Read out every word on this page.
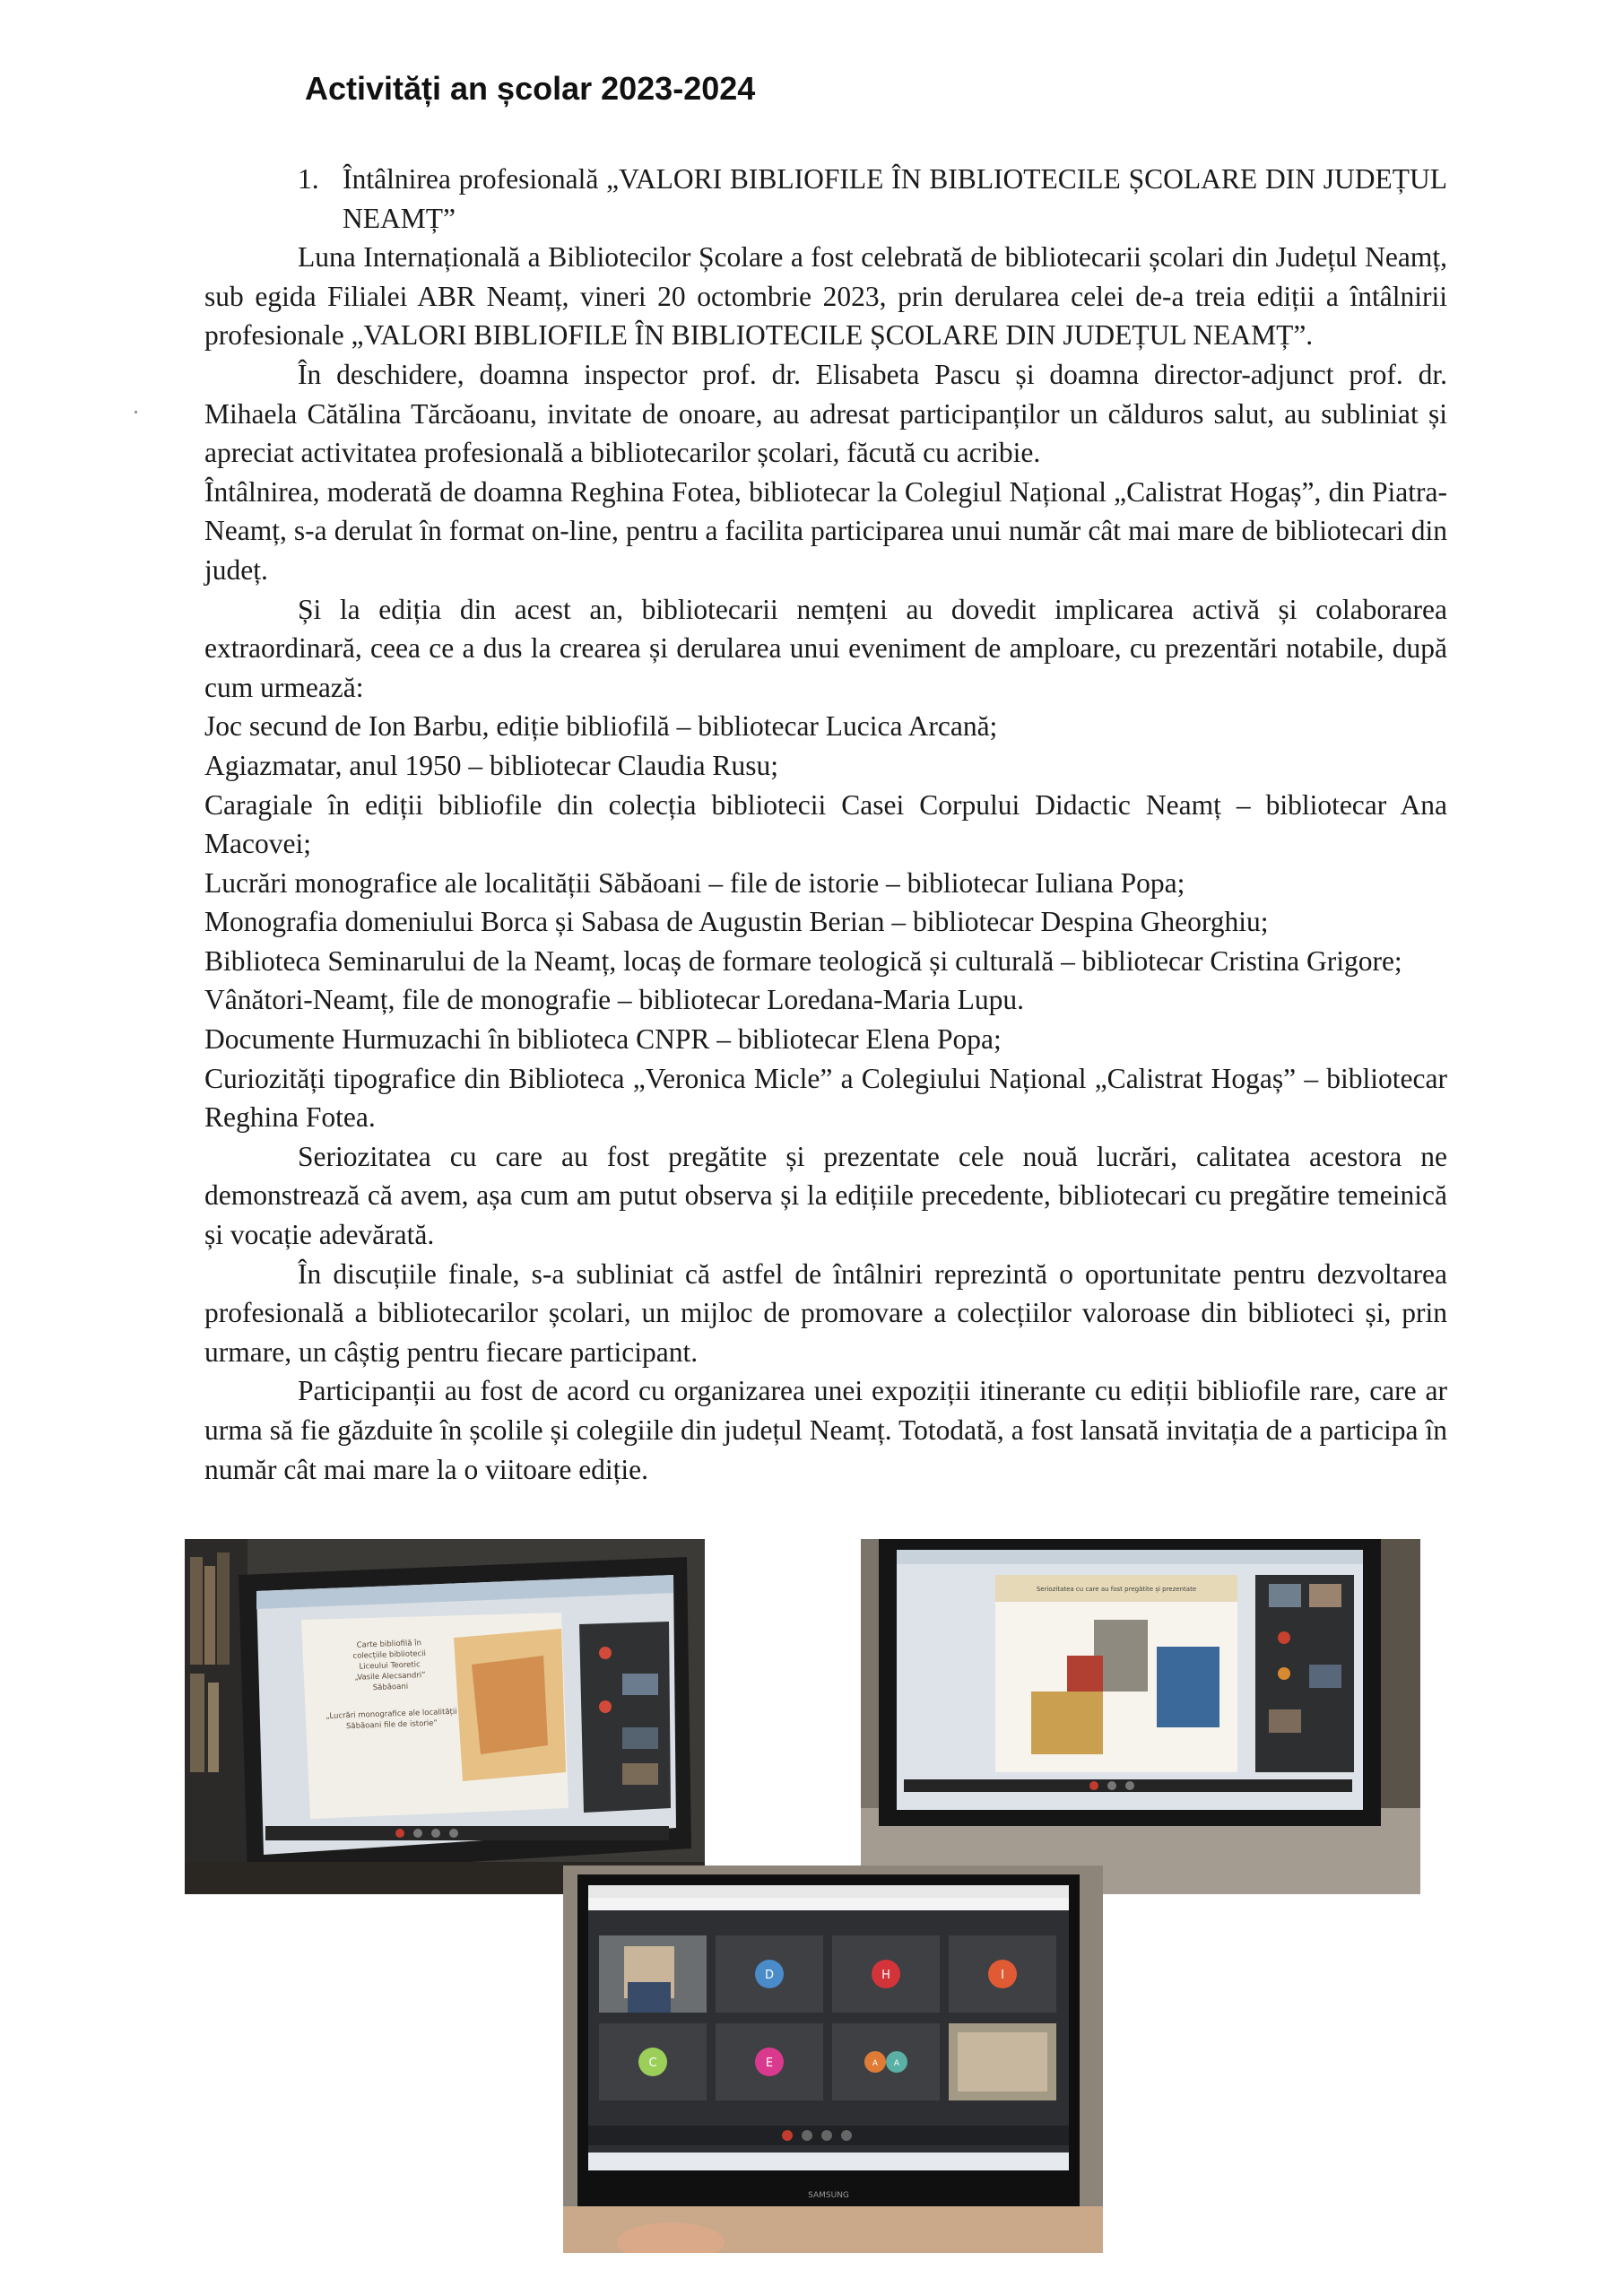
Activități an școlar 2023-2024

1. Întâlnirea profesională „VALORI BIBLIOFILE ÎN BIBLIOTECILE ȘCOLARE DIN JUDEȚUL NEAMȚ”

Luna Internațională a Bibliotecilor Școlare a fost celebrată de bibliotecarii școlari din Județul Neamț, sub egida Filialei ABR Neamț, vineri 20 octombrie 2023, prin derularea celei de-a treia ediții a întâlnirii profesionale „VALORI BIBLIOFILE ÎN BIBLIOTECILE ȘCOLARE DIN JUDEȚUL NEAMȚ”.

În deschidere, doamna inspector prof. dr. Elisabeta Pascu și doamna director-adjunct prof. dr. Mihaela Cătălina Tărcăoanu, invitate de onoare, au adresat participanților un călduros salut, au subliniat și apreciat activitatea profesională a bibliotecarilor școlari, făcută cu acribie.

Întâlnirea, moderată de doamna Reghina Fotea, bibliotecar la Colegiul Național „Calistrat Hogaș”, din Piatra-Neamț, s-a derulat în format on-line, pentru a facilita participarea unui număr cât mai mare de bibliotecari din județ.

Și la ediția din acest an, bibliotecarii nemțeni au dovedit implicarea activă și colaborarea extraordinară, ceea ce a dus la crearea și derularea unui eveniment de amploare, cu prezentări notabile, după cum urmează:

Joc secund de Ion Barbu, ediție bibliofilă – bibliotecar Lucica Arcană;

Agiazmatar, anul 1950 – bibliotecar Claudia Rusu;

Caragiale în ediții bibliofile din colecția bibliotecii Casei Corpului Didactic Neamț – bibliotecar Ana Macovei;

Lucrări monografice ale localității Săbăoani – file de istorie – bibliotecar Iuliana Popa;

Monografia domeniului Borca și Sabasa de Augustin Berian – bibliotecar Despina Gheorghiu;

Biblioteca Seminarului de la Neamț, locaș de formare teologică și culturală – bibliotecar Cristina Grigore;

Vânători-Neamț, file de monografie – bibliotecar Loredana-Maria Lupu.

Documente Hurmuzachi în biblioteca CNPR – bibliotecar Elena Popa;

Curiozități tipografice din Biblioteca „Veronica Micle” a Colegiului Național „Calistrat Hogaș” – bibliotecar Reghina Fotea.

Seriozitatea cu care au fost pregătite și prezentate cele nouă lucrări, calitatea acestora ne demonstrează că avem, așa cum am putut observa și la edițiile precedente, bibliotecari cu pregătire temeinică și vocație adevărată.

În discuțiile finale, s-a subliniat că astfel de întâlniri reprezintă o oportunitate pentru dezvoltarea profesională a bibliotecarilor școlari, un mijloc de promovare a colecțiilor valoroase din biblioteci și, prin urmare, un câștig pentru fiecare participant.

Participanții au fost de acord cu organizarea unei expoziții itinerante cu ediții bibliofile rare, care ar urma să fie găzduite în școlile și colegiile din județul Neamț. Totodată, a fost lansată invitația de a participa în număr cât mai mare la o viitoare ediție.

Carte bibliofilă în
colecțiile bibliotecii
Liceului Teoretic
„Vasile Alecsandri”
Săbăoani
„Lucrări monografice ale localității
Săbăoani file de istorie”
Seriozitatea cu care au fost pregătite și prezentate
D	H	I
C	E	A A
SAMSUNG
